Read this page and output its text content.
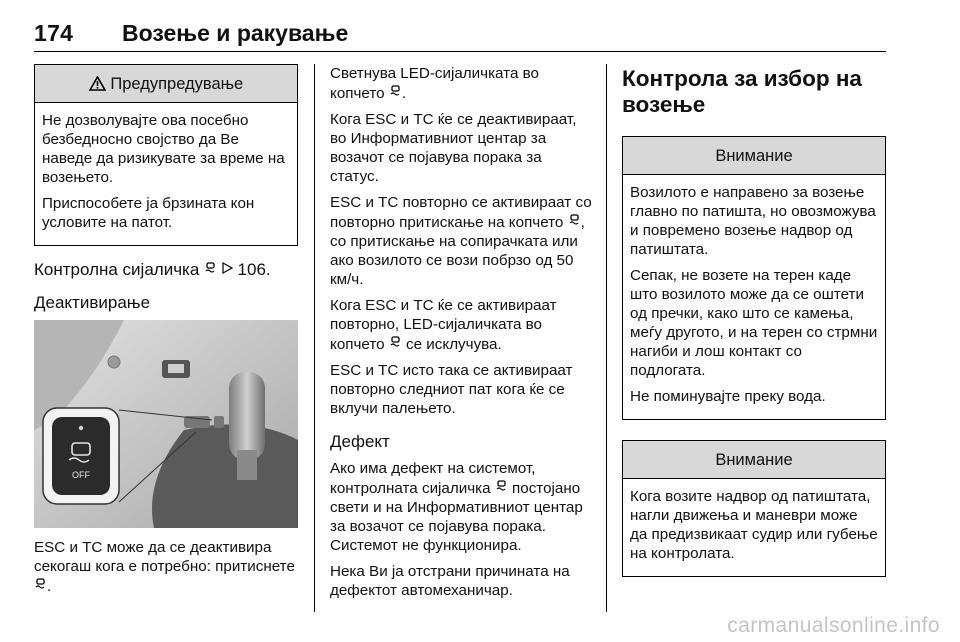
174 Возење и ракување
Предупредување

Не дозволувајте ова посебно безбедносно својство да Ве наведе да ризикувате за време на возењето.

Приспособете ја брзината кон условите на патот.

Контролна сијаличка 106.

Деактивирање

OFF

ESC и TC може да се деактивира секогаш кога е потребно: притиснете .

Светнува LED-сијаличката во копчето .

Кога ESC и TC ќе се деактивираат, во Информативниот центар за возачот се појавува порака за статус.

ESC и TC повторно се активираат со повторно притискање на копчето , со притискање на сопирачката или ако возилото се вози побрзо од 50 км/ч.

Кога ESC и TC ќе се активираат повторно, LED-сијаличката во копчето се исклучува.

ESC и TC исто така се активираат повторно следниот пат кога ќе се вклучи палењето.

Дефект

Ако има дефект на системот, контролната сијаличка постојано свети и на Информативниот центар за возачот се појавува порака. Системот не функционира.

Нека Ви ја отстрани причината на дефектот автомеханичар.

Контрола за избор на возење
Внимание

Возилото е направено за возење главно по патишта, но овозможува и повремено возење надвор од патиштата.

Сепак, не возете на терен каде што возилото може да се оштети од пречки, како што се камења, меѓу другото, и на терен со стрмни нагиби и лош контакт со подлогата.

Не поминувајте преку вода.

Внимание

Кога возите надвор од патиштата, нагли движења и маневри може да предизвикаат судир или губење на контролата.

carmanualsonline.info
